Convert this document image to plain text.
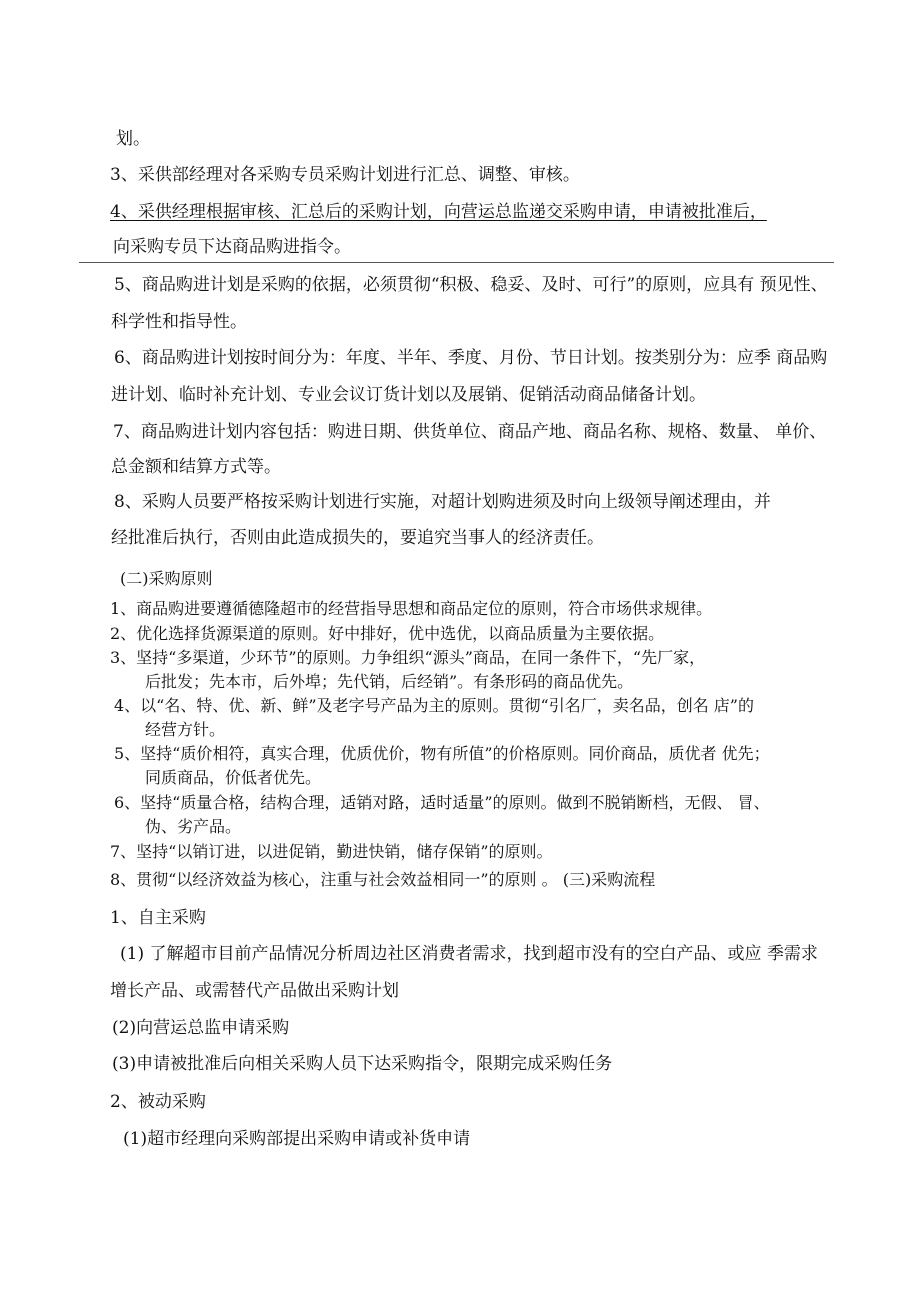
划。
3、采供部经理对各采购专员采购计划进行汇总、调整、审核。
4、采供经理根据审核、汇总后的采购计划，向营运总监递交采购申请，申请被批准后，
向采购专员下达商品购进指令。
5、商品购进计划是采购的依据，必须贯彻“积极、稳妥、及时、可行”的原则，应具有 预见性、
科学性和指导性。
6、商品购进计划按时间分为：年度、半年、季度、月份、节日计划。按类别分为：应季 商品购
进计划、临时补充计划、专业会议订货计划以及展销、促销活动商品储备计划。
7、商品购进计划内容包括：购进日期、供货单位、商品产地、商品名称、规格、数量、 单价、
总金额和结算方式等。
8、采购人员要严格按采购计划进行实施，对超计划购进须及时向上级领导阐述理由，并
经批准后执行，否则由此造成损失的，要追究当事人的经济责任。
(二)采购原则
1、商品购进要遵循德隆超市的经营指导思想和商品定位的原则，符合市场供求规律。
2、优化选择货源渠道的原则。好中排好，优中选优，以商品质量为主要依据。
3、坚持“多渠道，少环节”的原则。力争组织“源头”商品，在同一条件下，“先厂家，
后批发；先本市，后外埠；先代销，后经销”。有条形码的商品优先。
4、以“名、特、优、新、鲜”及老字号产品为主的原则。贯彻“引名厂，卖名品，创名 店”的
经营方针。
5、坚持“质价相符，真实合理，优质优价，物有所值”的价格原则。同价商品，质优者 优先；
同质商品，价低者优先。
6、坚持“质量合格，结构合理，适销对路，适时适量”的原则。做到不脱销断档，无假、 冒、
伪、劣产品。
7、坚持“以销订进，以进促销，勤进快销，储存保销”的原则。
8、贯彻“以经济效益为核心，注重与社会效益相同一”的原则 。 (三)采购流程
1、自主采购
(1) 了解超市目前产品情况分析周边社区消费者需求，找到超市没有的空白产品、或应 季需求
增长产品、或需替代产品做出采购计划
(2)向营运总监申请采购
(3)申请被批准后向相关采购人员下达采购指令，限期完成采购任务
2、被动采购
(1)超市经理向采购部提出采购申请或补货申请
